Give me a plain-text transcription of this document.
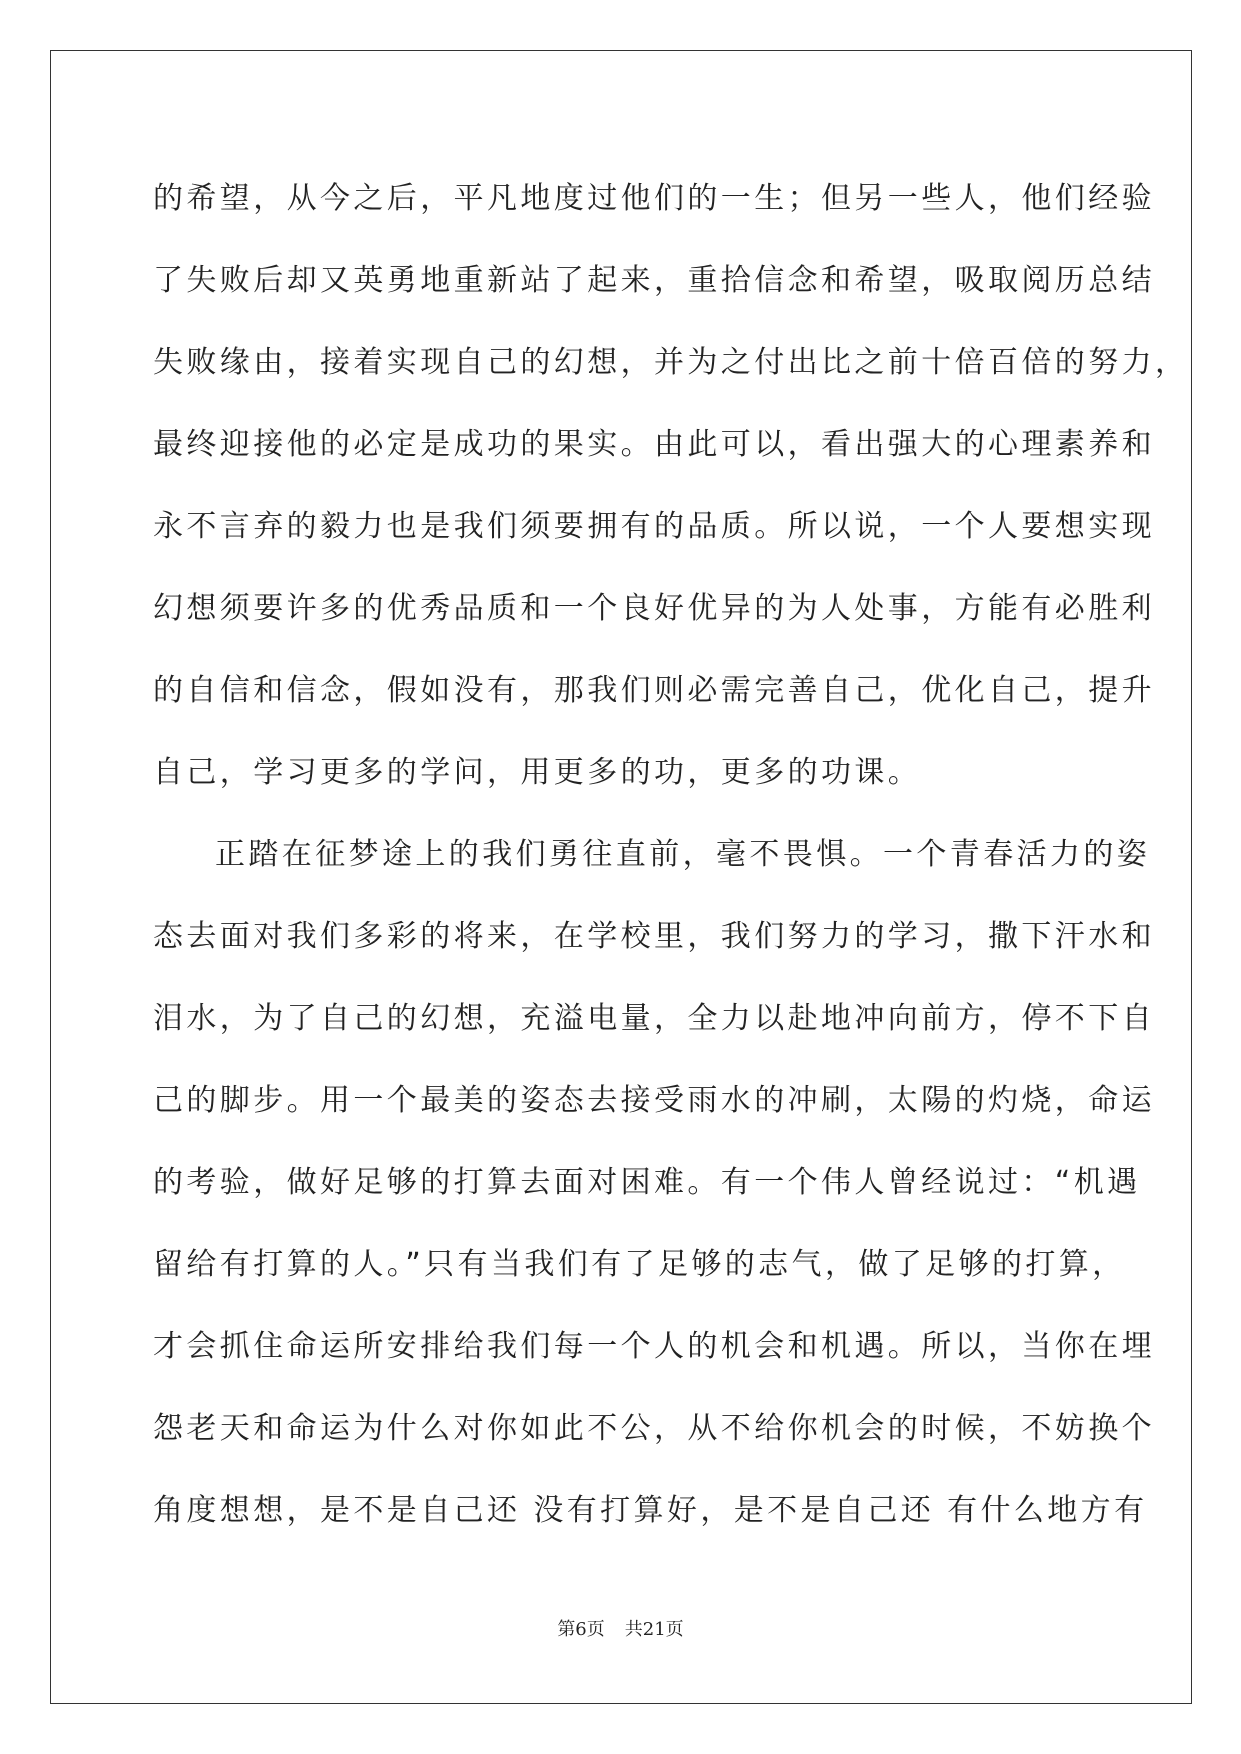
的希望，从今之后，平凡地度过他们的一生；但另一些人，他们经验
了失败后却又英勇地重新站了起来，重拾信念和希望，吸取阅历总结
失败缘由，接着实现自己的幻想，并为之付出比之前十倍百倍的努力，
最终迎接他的必定是成功的果实。由此可以，看出强大的心理素养和
永不言弃的毅力也是我们须要拥有的品质。所以说，一个人要想实现
幻想须要许多的优秀品质和一个良好优异的为人处事，方能有必胜利
的自信和信念，假如没有，那我们则必需完善自己，优化自己，提升
自己，学习更多的学问，用更多的功，更多的功课。
正踏在征梦途上的我们勇往直前，毫不畏惧。一个青春活力的姿
态去面对我们多彩的将来，在学校里，我们努力的学习，撒下汗水和
泪水，为了自己的幻想，充溢电量，全力以赴地冲向前方，停不下自
己的脚步。用一个最美的姿态去接受雨水的冲刷，太陽的灼烧，命运
的考验，做好足够的打算去面对困难。有一个伟人曾经说过：“机遇
留给有打算的人。”只有当我们有了足够的志气，做了足够的打算，
才会抓住命运所安排给我们每一个人的机会和机遇。所以，当你在埋
怨老天和命运为什么对你如此不公，从不给你机会的时候，不妨换个
角度想想，是不是自己还 没有打算好，是不是自己还 有什么地方有
第6页 共21页
